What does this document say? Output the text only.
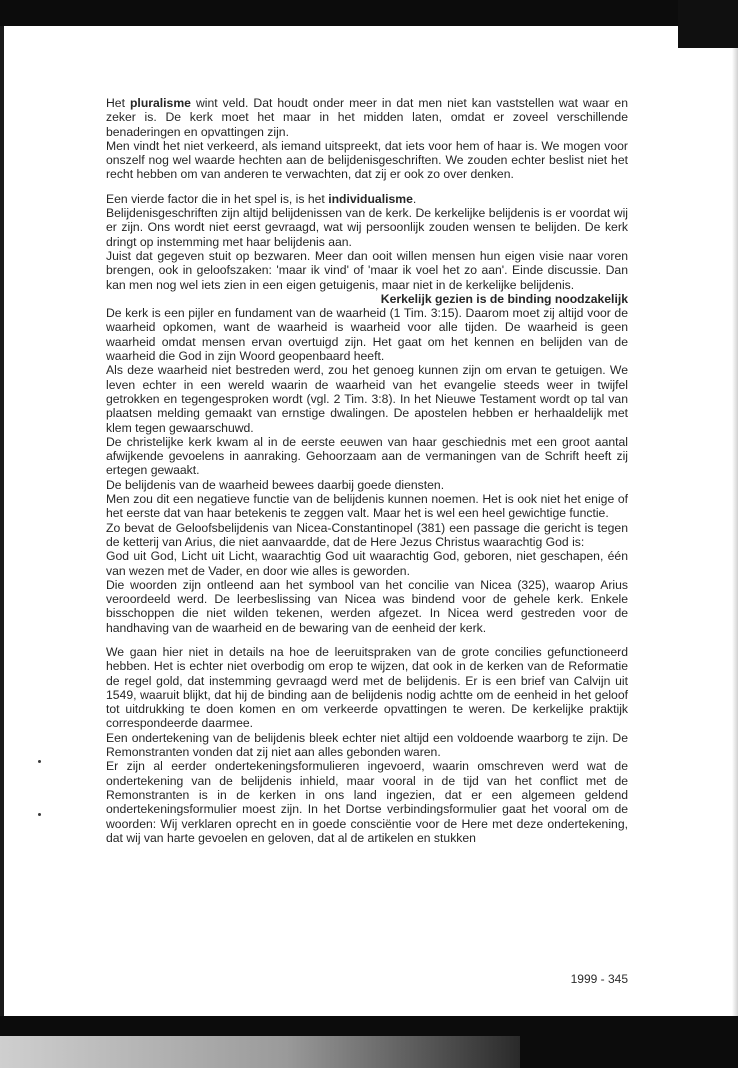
Het pluralisme wint veld. Dat houdt onder meer in dat men niet kan vaststellen wat waar en zeker is. De kerk moet het maar in het midden laten, omdat er zoveel verschillende benaderingen en opvattingen zijn.

Men vindt het niet verkeerd, als iemand uitspreekt, dat iets voor hem of haar is. We mogen voor onszelf nog wel waarde hechten aan de belijdenisgeschriften. We zouden echter beslist niet het recht hebben om van anderen te verwachten, dat zij er ook zo over denken.

Een vierde factor die in het spel is, is het individualisme.

Belijdenisgeschriften zijn altijd belijdenissen van de kerk. De kerkelijke belijdenis is er voordat wij er zijn. Ons wordt niet eerst gevraagd, wat wij persoonlijk zouden wensen te belijden. De kerk dringt op instemming met haar belijdenis aan.

Juist dat gegeven stuit op bezwaren. Meer dan ooit willen mensen hun eigen visie naar voren brengen, ook in geloofszaken: 'maar ik vind' of 'maar ik voel het zo aan'. Einde discussie. Dan kan men nog wel iets zien in een eigen getuigenis, maar niet in de kerkelijke belijdenis.

Kerkelijk gezien is de binding noodzakelijk

De kerk is een pijler en fundament van de waarheid (1 Tim. 3:15). Daarom moet zij altijd voor de waarheid opkomen, want de waarheid is waarheid voor alle tijden. De waarheid is geen waarheid omdat mensen ervan overtuigd zijn. Het gaat om het kennen en belijden van de waarheid die God in zijn Woord geopenbaard heeft.

Als deze waarheid niet bestreden werd, zou het genoeg kunnen zijn om ervan te getuigen. We leven echter in een wereld waarin de waarheid van het evangelie steeds weer in twijfel getrokken en tegengesproken wordt (vgl. 2 Tim. 3:8). In het Nieuwe Testament wordt op tal van plaatsen melding gemaakt van ernstige dwalingen. De apostelen hebben er herhaaldelijk met klem tegen gewaarschuwd.

De christelijke kerk kwam al in de eerste eeuwen van haar geschiednis met een groot aantal afwijkende gevoelens in aanraking. Gehoorzaam aan de vermaningen van de Schrift heeft zij ertegen gewaakt.

De belijdenis van de waarheid bewees daarbij goede diensten.

Men zou dit een negatieve functie van de belijdenis kunnen noemen. Het is ook niet het enige of het eerste dat van haar betekenis te zeggen valt. Maar het is wel een heel gewichtige functie.

Zo bevat de Geloofsbelijdenis van Nicea-Constantinopel (381) een passage die gericht is tegen de ketterij van Arius, die niet aanvaardde, dat de Here Jezus Christus waarachtig God is:

God uit God, Licht uit Licht, waarachtig God uit waarachtig God, geboren, niet geschapen, één van wezen met de Vader, en door wie alles is geworden.

Die woorden zijn ontleend aan het symbool van het concilie van Nicea (325), waarop Arius veroordeeld werd. De leerbeslissing van Nicea was bindend voor de gehele kerk. Enkele bisschoppen die niet wilden tekenen, werden afgezet. In Nicea werd gestreden voor de handhaving van de waarheid en de bewaring van de eenheid der kerk.

We gaan hier niet in details na hoe de leeruitspraken van de grote concilies gefunctioneerd hebben. Het is echter niet overbodig om erop te wijzen, dat ook in de kerken van de Reformatie de regel gold, dat instemming gevraagd werd met de belijdenis. Er is een brief van Calvijn uit 1549, waaruit blijkt, dat hij de binding aan de belijdenis nodig achtte om de eenheid in het geloof tot uitdrukking te doen komen en om verkeerde opvattingen te weren. De kerkelijke praktijk correspondeerde daarmee.

Een ondertekening van de belijdenis bleek echter niet altijd een voldoende waarborg te zijn. De Remonstranten vonden dat zij niet aan alles gebonden waren.

Er zijn al eerder ondertekeningsformulieren ingevoerd, waarin omschreven werd wat de ondertekening van de belijdenis inhield, maar vooral in de tijd van het conflict met de Remonstranten is in de kerken in ons land ingezien, dat er een algemeen geldend ondertekeningsformulier moest zijn. In het Dortse verbindingsformulier gaat het vooral om de woorden: Wij verklaren oprecht en in goede consciëntie voor de Here met deze ondertekening, dat wij van harte gevoelen en geloven, dat al de artikelen en stukken

1999 - 345
